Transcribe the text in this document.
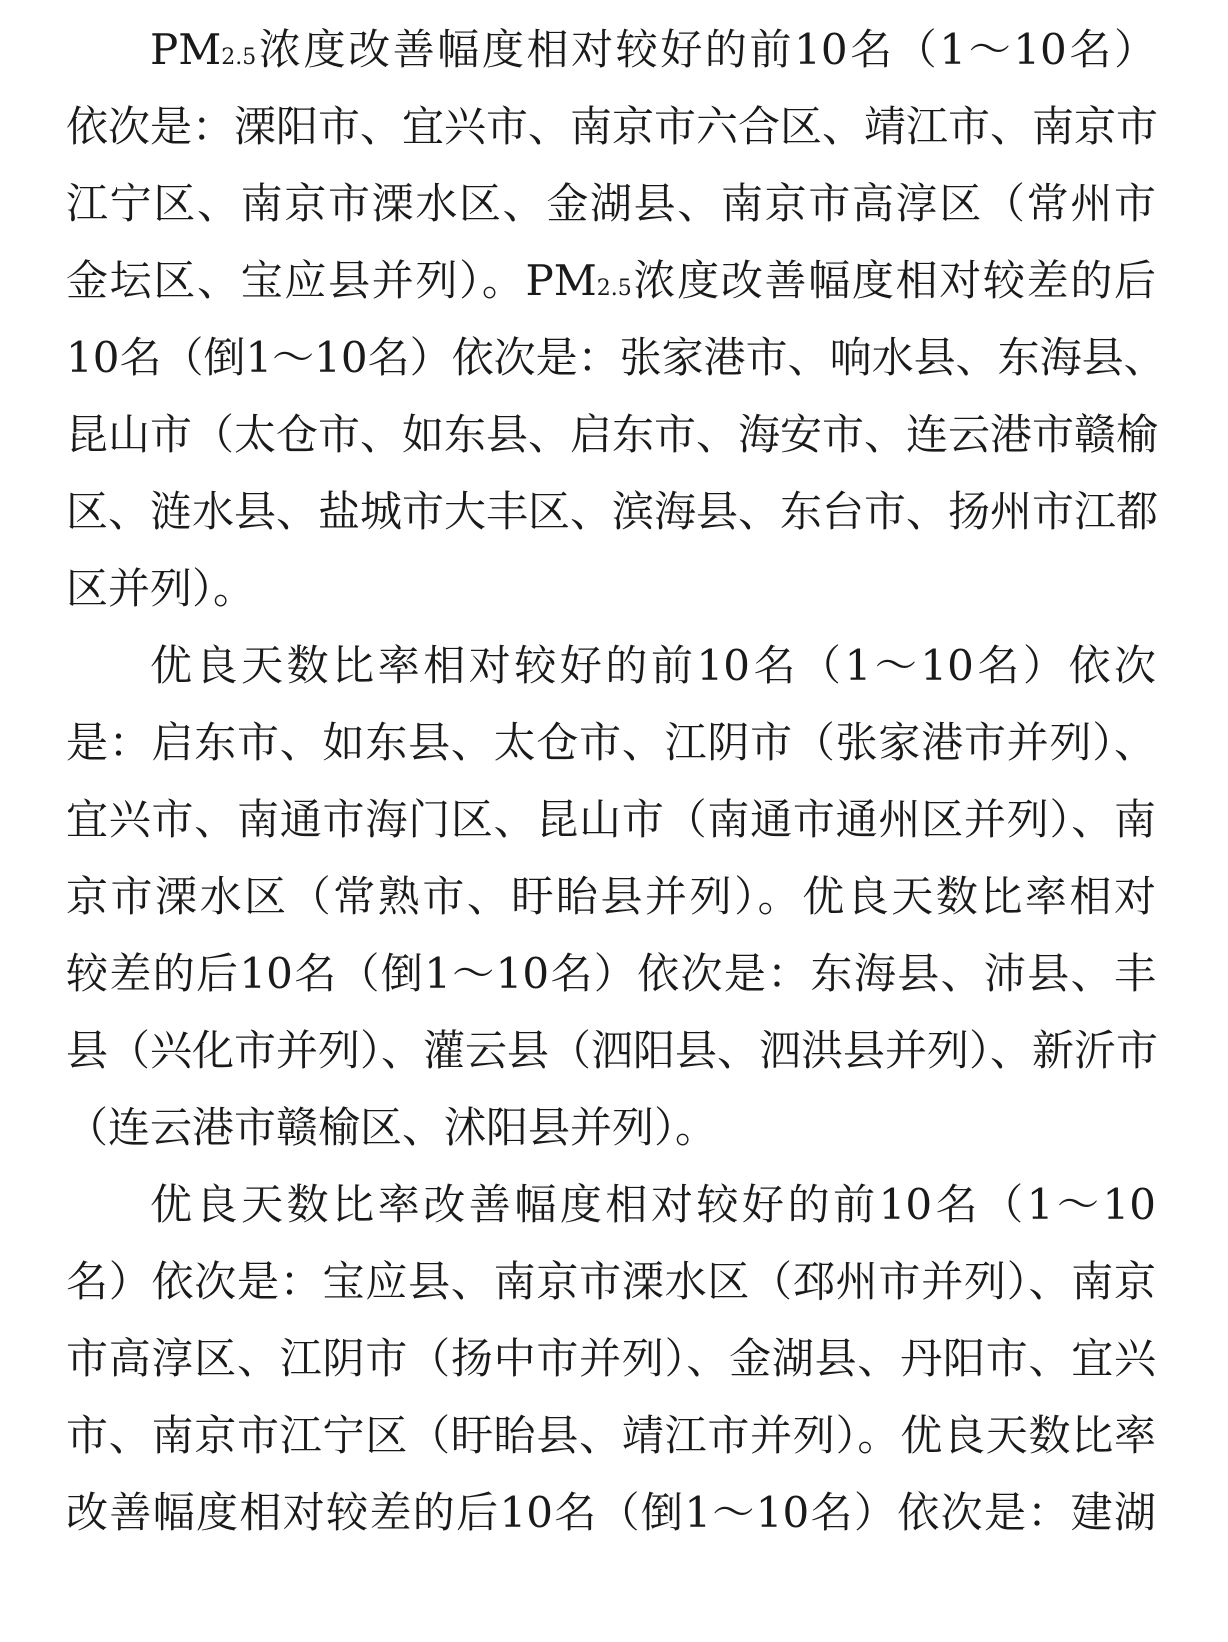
PM2.5浓度改善幅度相对较好的前10名（1～10名）
依次是：溧阳市、宜兴市、南京市六合区、靖江市、南京市
江宁区、南京市溧水区、金湖县、南京市高淳区（常州市
金坛区、宝应县并列）。PM2.5浓度改善幅度相对较差的后
10名（倒1～10名）依次是：张家港市、响水县、东海县、
昆山市（太仓市、如东县、启东市、海安市、连云港市赣榆
区、涟水县、盐城市大丰区、滨海县、东台市、扬州市江都
区并列）。
优良天数比率相对较好的前10名（1～10名）依次
是：启东市、如东县、太仓市、江阴市（张家港市并列）、
宜兴市、南通市海门区、昆山市（南通市通州区并列）、南
京市溧水区（常熟市、盱眙县并列）。优良天数比率相对
较差的后10名（倒1～10名）依次是：东海县、沛县、丰
县（兴化市并列）、灌云县（泗阳县、泗洪县并列）、新沂市
（连云港市赣榆区、沭阳县并列）。
优良天数比率改善幅度相对较好的前10名（1～10
名）依次是：宝应县、南京市溧水区（邳州市并列）、南京
市高淳区、江阴市（扬中市并列）、金湖县、丹阳市、宜兴
市、南京市江宁区（盱眙县、靖江市并列）。优良天数比率
改善幅度相对较差的后10名（倒1～10名）依次是：建湖
